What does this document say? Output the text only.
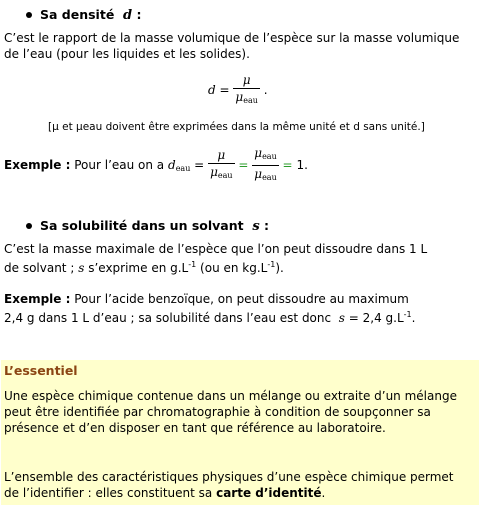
Sa densité d :
C’est le rapport de la masse volumique de l’espèce sur la masse volumique de l’eau (pour les liquides et les solides).
$d = \frac{\mu}{\mu_{eau}}$ .
[μ et μeau doivent être exprimées dans la même unité et d sans unité.]
Exemple : Pour l’eau on a $d_{eau} = \frac{\mu}{\mu_{eau}} = \frac{\mu_{eau}}{\mu_{eau}} = 1$.
Sa solubilité dans un solvant s :
C’est la masse maximale de l’espèce que l’on peut dissoudre dans 1 L
de solvant ; s s’exprime en $g.L^{-1}$ (ou en $kg.L^{-1}$).
Exemple : Pour l’acide benzoïque, on peut dissoudre au maximum
2,4 g dans 1 L d’eau ; sa solubilité dans l’eau est donc s = 2,4 $g.L^{-1}$.
L’essentiel
Une espèce chimique contenue dans un mélange ou extraite d’un mélange peut être identifiée par chromatographie à condition de soupçonner sa présence et d’en disposer en tant que référence au laboratoire.
L’ensemble des caractéristiques physiques d’une espèce chimique permet de l’identifier : elles constituent sa carte d’identité.
